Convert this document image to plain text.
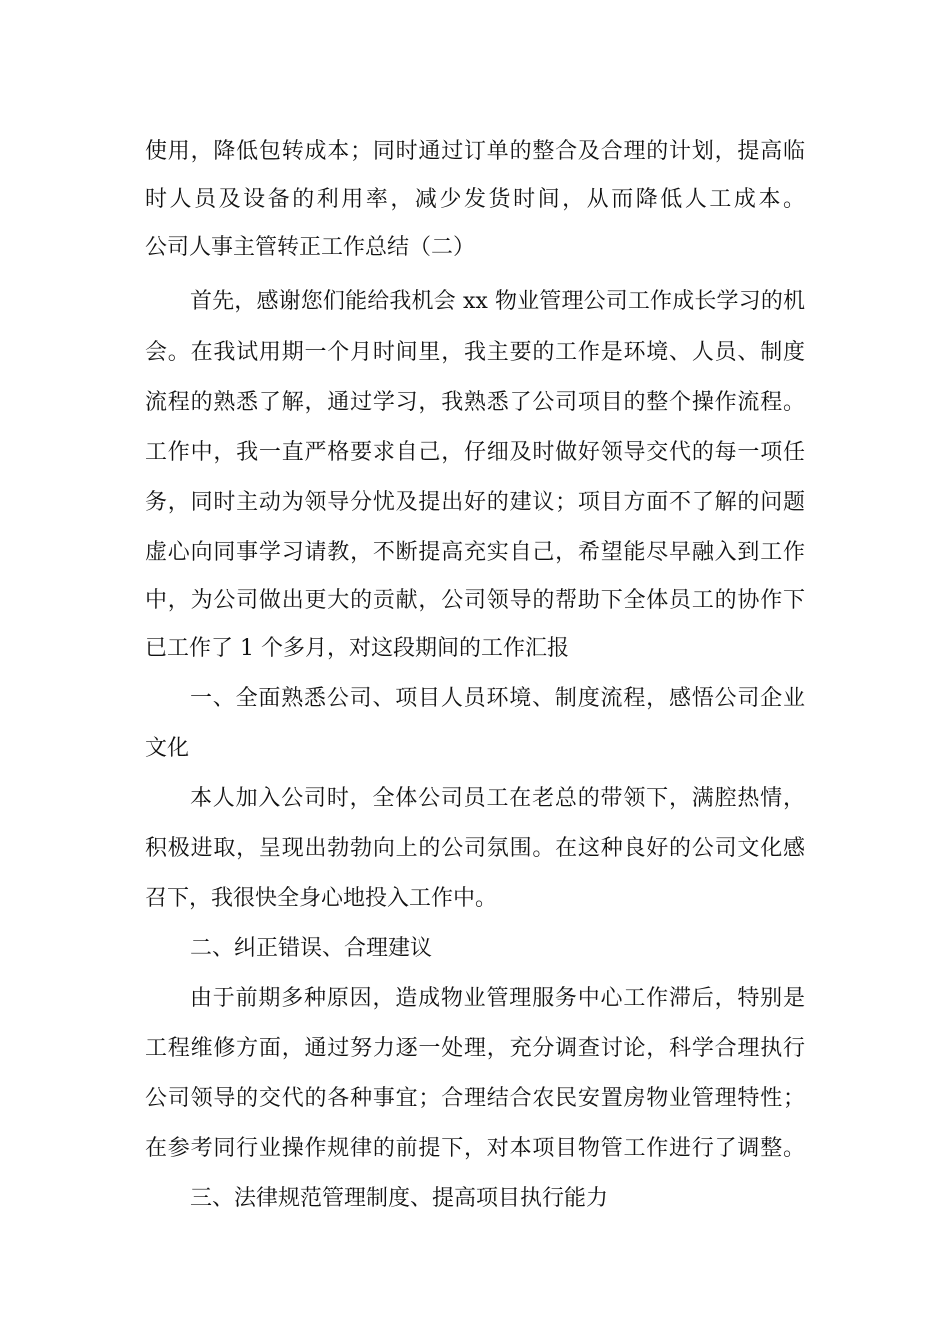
使用，降低包转成本；同时通过订单的整合及合理的计划，提高临
时人员及设备的利用率，减少发货时间，从而降低人工成本。
公司人事主管转正工作总结（二）
首先，感谢您们能给我机会 xx 物业管理公司工作成长学习的机
会。在我试用期一个月时间里，我主要的工作是环境、人员、制度
流程的熟悉了解，通过学习，我熟悉了公司项目的整个操作流程。
工作中，我一直严格要求自己，仔细及时做好领导交代的每一项任
务，同时主动为领导分忧及提出好的建议；项目方面不了解的问题
虚心向同事学习请教，不断提高充实自己，希望能尽早融入到工作
中，为公司做出更大的贡献，公司领导的帮助下全体员工的协作下
已工作了 1 个多月，对这段期间的工作汇报
一、全面熟悉公司、项目人员环境、制度流程，感悟公司企业
文化
本人加入公司时，全体公司员工在老总的带领下，满腔热情，
积极进取，呈现出勃勃向上的公司氛围。在这种良好的公司文化感
召下，我很快全身心地投入工作中。
二、纠正错误、合理建议
由于前期多种原因，造成物业管理服务中心工作滞后，特别是
工程维修方面，通过努力逐一处理，充分调查讨论，科学合理执行
公司领导的交代的各种事宜；合理结合农民安置房物业管理特性；
在参考同行业操作规律的前提下，对本项目物管工作进行了调整。
三、法律规范管理制度、提高项目执行能力
